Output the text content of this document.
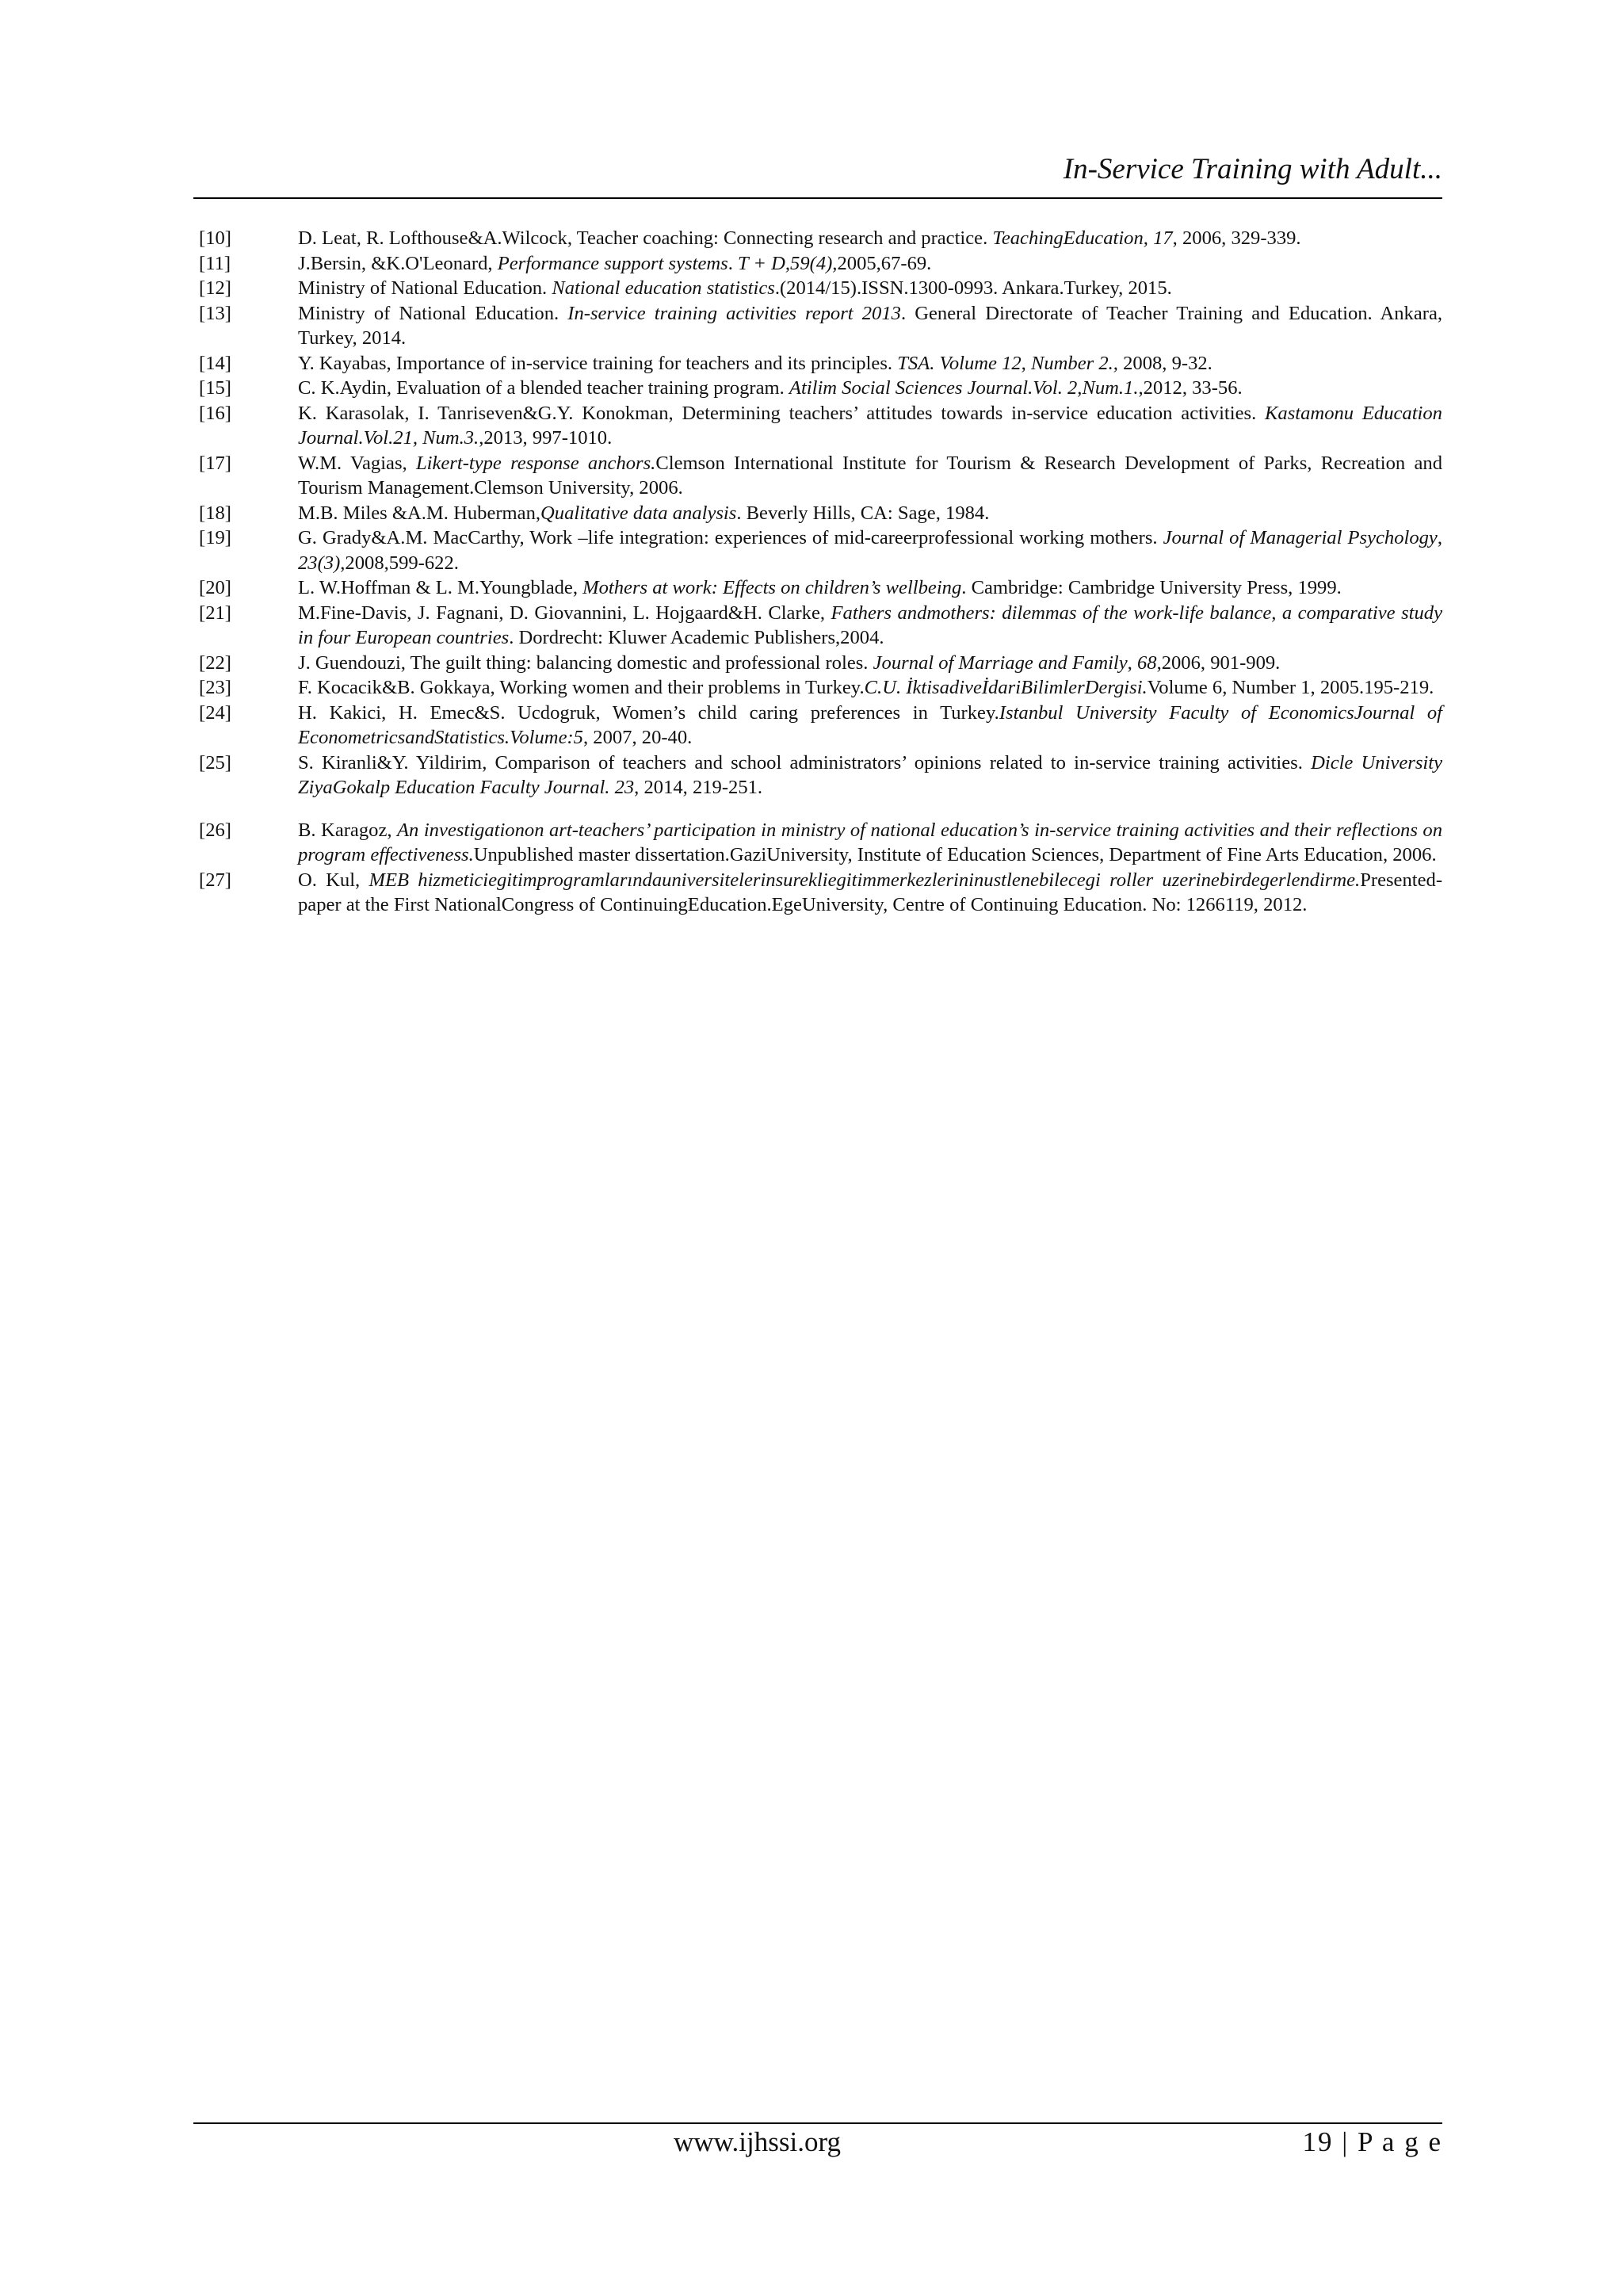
In-Service Training with Adult...
[10]	D. Leat, R. Lofthouse&A.Wilcock, Teacher coaching: Connecting research and practice. TeachingEducation, 17, 2006, 329-339.
[11]	J.Bersin, &K.O'Leonard, Performance support systems. T + D,59(4),2005,67-69.
[12]	Ministry of National Education. National education statistics.(2014/15).ISSN.1300-0993. Ankara.Turkey, 2015.
[13]	Ministry of National Education. In-service training activities report 2013. General Directorate of Teacher Training and Education. Ankara, Turkey, 2014.
[14]	Y. Kayabas, Importance of in-service training for teachers and its principles. TSA. Volume 12, Number 2., 2008, 9-32.
[15]	C. K.Aydin, Evaluation of a blended teacher training program. Atilim Social Sciences Journal.Vol. 2,Num.1.,2012, 33-56.
[16]	K. Karasolak, I. Tanriseven&G.Y. Konokman, Determining teachers’ attitudes towards in-service education activities. Kastamonu Education Journal.Vol.21, Num.3.,2013, 997-1010.
[17]	W.M. Vagias, Likert-type response anchors.Clemson International Institute for Tourism & Research Development of Parks, Recreation and Tourism Management.Clemson University, 2006.
[18]	M.B. Miles &A.M. Huberman,Qualitative data analysis. Beverly Hills, CA: Sage, 1984.
[19]	G. Grady&A.M. MacCarthy, Work –life integration: experiences of mid-careerprofessional working mothers. Journal of Managerial Psychology, 23(3),2008,599-622.
[20]	L. W.Hoffman & L. M.Youngblade, Mothers at work: Effects on children’s wellbeing. Cambridge: Cambridge University Press, 1999.
[21]	M.Fine-Davis, J. Fagnani, D. Giovannini, L. Hojgaard&H. Clarke, Fathers andmothers: dilemmas of the work-life balance, a comparative study in four European countries. Dordrecht: Kluwer Academic Publishers,2004.
[22]	J. Guendouzi, The guilt thing: balancing domestic and professional roles. Journal of Marriage and Family, 68,2006, 901-909.
[23]	F. Kocacik&B. Gokkaya, Working women and their problems in Turkey.C.U. İktisadiveİdariBilimlerDergisi.Volume 6, Number 1, 2005.195-219.
[24]	H. Kakici, H. Emec&S. Ucdogruk, Women’s child caring preferences in Turkey.Istanbul University Faculty of EconomicsJournal of EconometricsandStatistics.Volume:5, 2007, 20-40.
[25]	S. Kiranli&Y. Yildirim, Comparison of teachers and school administrators’ opinions related to in-service training activities. Dicle University ZiyaGokalp Education Faculty Journal. 23, 2014, 219-251.
[26]	B. Karagoz, An investigationon art-teachers’ participation in ministry of national education’s in-service training activities and their reflections on program effectiveness.Unpublished master dissertation.GaziUniversity, Institute of Education Sciences, Department of Fine Arts Education, 2006.
[27]	O. Kul, MEB hizmeticiegitimprogramlarındauniversitelerinsurekliegitimmerkezlerininustlenebilecegi roller uzerinebirdegerlendirme.Presented-paper at the First NationalCongress of ContinuingEducation.EgeUniversity, Centre of Continuing Education. No: 1266119, 2012.
www.ijhssi.org	19 | P a g e
